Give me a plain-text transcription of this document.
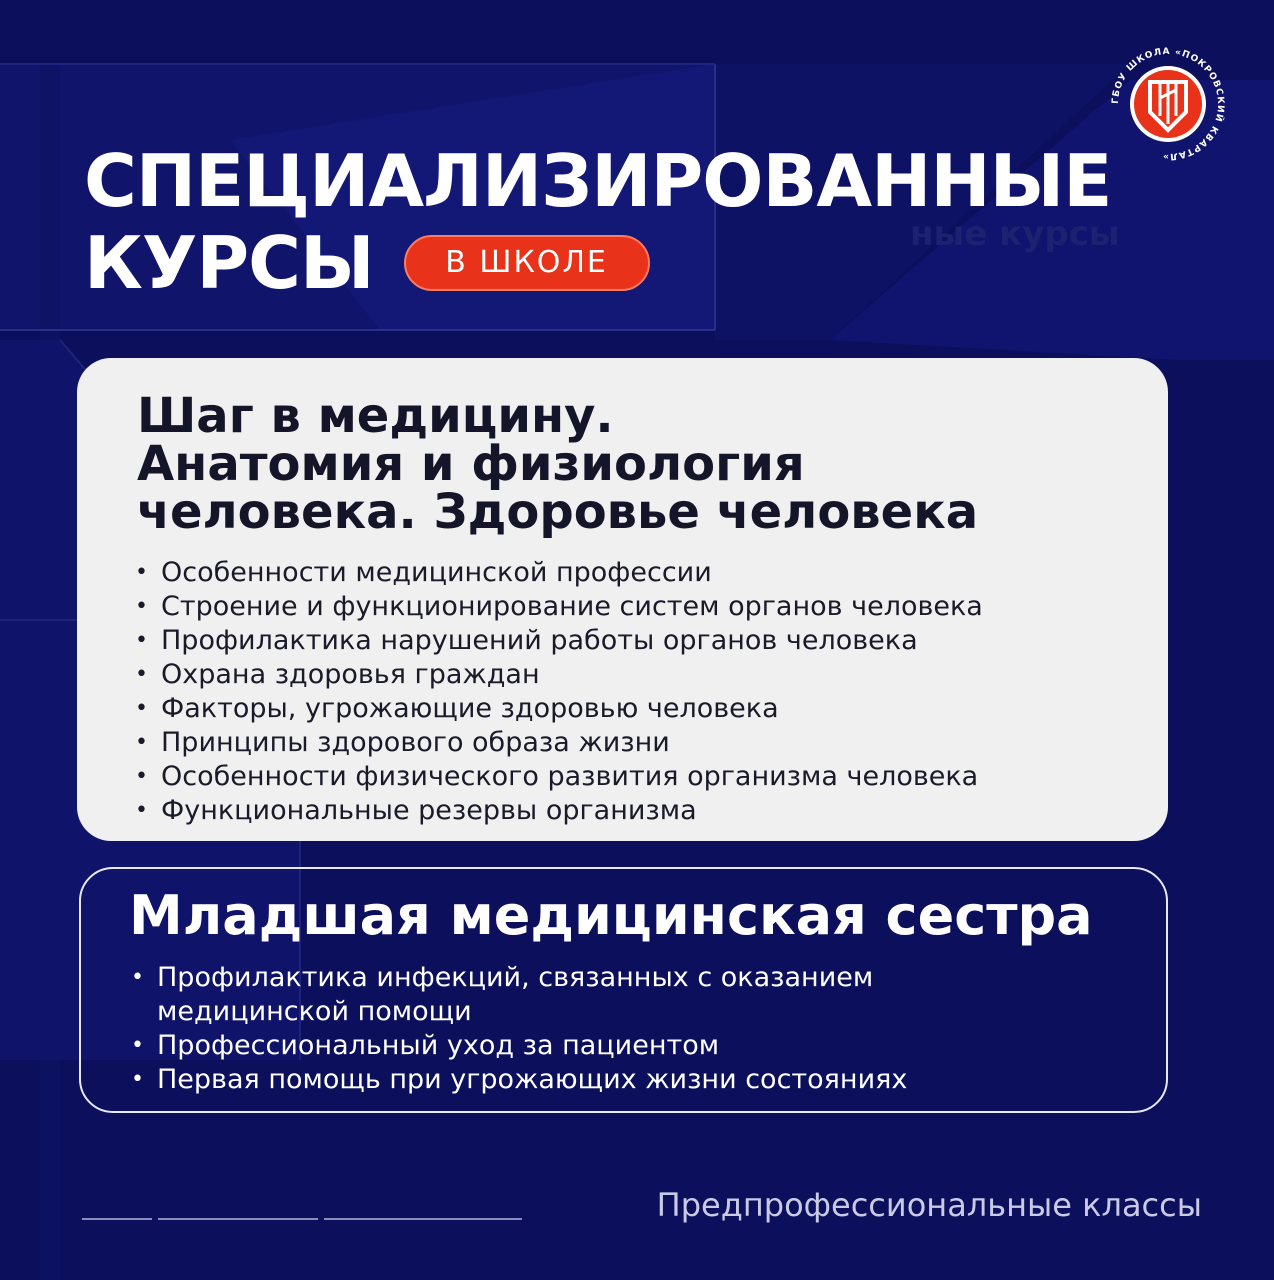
ные курсы
ГБОУ ШКОЛА «ПОКРОВСКИЙ КВАРТАЛ»
СПЕЦИАЛИЗИРОВАННЫЕ
КУРСЫ	В ШКОЛЕ
Шаг в медицину.
Анатомия и физиология
человека. Здоровье человека
• Особенности медицинской профессии
• Строение и функционирование систем органов человека
• Профилактика нарушений работы органов человека
• Охрана здоровья граждан
• Факторы, угрожающие здоровью человека
• Принципы здорового образа жизни
• Особенности физического развития организма человека
• Функциональные резервы организма
Младшая медицинская сестра
• Профилактика инфекций, связанных с оказанием
медицинской помощи
• Профессиональный уход за пациентом
• Первая помощь при угрожающих жизни состояниях
Предпрофессиональные классы
